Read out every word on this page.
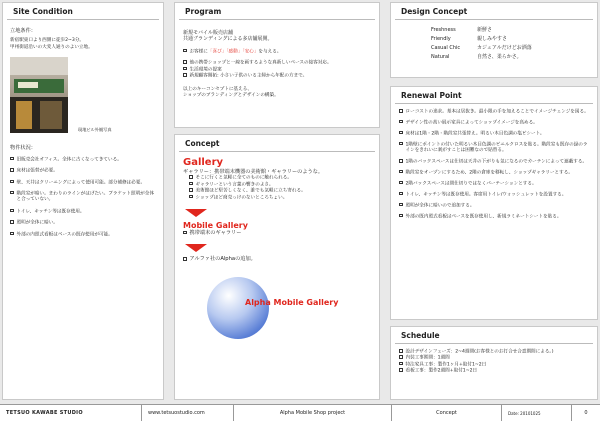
Site Condition
立地条件：
新宿駅東口より西側に徒歩2~3分。
甲州街道沿いの大変人通りのよい立地。
現地ビル外観写真
物件状況：
旧販売会社オフィス。全体に古くなってきている。
床材は張替が必要。
壁、天井はクリーニングによって使用可能。部分補修は必要。
階段室が暗い。まわりのラインがはげたい。ブラケット照明が全体と合っていない。
トイレ、キッチン等は既存使用。
照明が全体に暗い。
外部の内照式看板はベースの既存使用が可能。
Program
新規モバイル販売店舗
共通ブランディングによる多店舗展開。
お客様に「喜び」「感動」「安心」を与える。
他の携帯ショップと一線を画するような真新しいベースの接客対応。
生活環境の提案
新規顧客開拓: 小さい子供のいる主婦から年配の方まで。
以上のキーコンセプトに基える、
ショップのブランディングとデザインの構築。
Concept
Gallery
ギャラリー：携帯端末機器の美術館・ギャラリーのような。
そこに行くと気軽に全てのものに触れられる。
ギャラリーという言葉の響きのよさ。
美術館ほど堅苦しくなく、誰でも気軽に立ち寄れる。
ショップほど商売っけのないところちょい。
Mobile Gallery
携帯端末のギャラリー
アルファ社のAlphaの追加。
Alpha Mobile Gallery
Design Concept
Freshness	新鮮さ
Friendly	親しみやすさ
Casual Chic	カジュアルだけどお洒落
Natural	自然さ、柔らかさ。
Renewal Point
ローコストの追求。基本は居抜き。最小限の手を加えることでイメージチェンジを図る。
デザイン性の高い展示家具によってショップイメージを高める。
床材は1階・2階・階段室共張替え。明るい木目色調の塩ビシート。
1階壁にポイントの付いた明るい木目色調のビニルクロスを貼る。階段室も既存の緑のラインをきれいに剥がすことは困難なので貼替る。
1階のバックスペースは仕切は天井の下がりも気になるのでカーテンによって遮蔽する。
階段室をオープンにするため、2階の倉庫を移転し、ショップギャラリーとする。
2階バックスペースは間仕切りではなくパーテーションとする。
トイレ、キッチン等は既存使用。客席用トイレ/ウォッシュレットを設置する。
照明が全体に暗いので追加する。
外部の既内照式看板はベースを既存使用し、新規ラミネートシートを貼る。
Schedule
設計デザインフェーズ：2~4週間(お客様とのお打合せ合意期間による。)
内装工事期間：1週間
特注家具工事：製作1ヶ月+取付1~2日
看板工事：製作2週間+取付1~2日
TETSUO KAWABE STUDIO	www.tetsuostudio.com	Alpha Mobile Shop project	Concept	Date: 20101025	0
